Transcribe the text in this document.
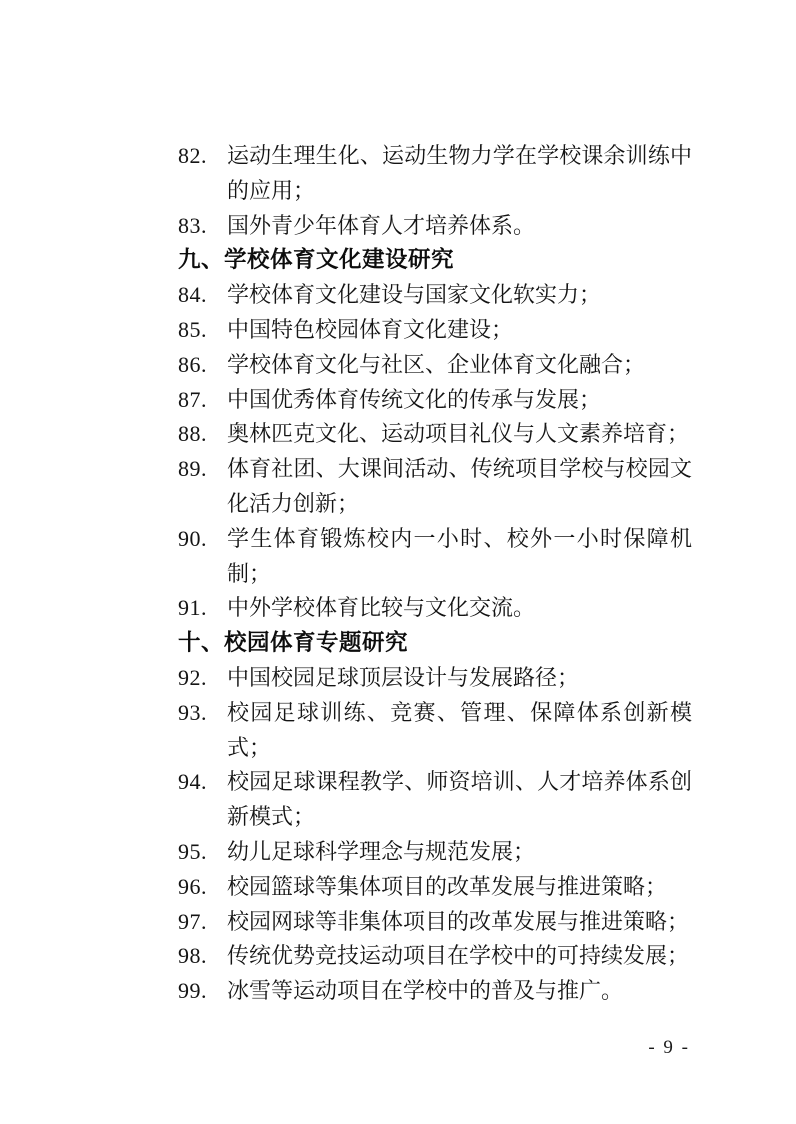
82. 运动生理生化、运动生物力学在学校课余训练中的应用；
83. 国外青少年体育人才培养体系。
九、学校体育文化建设研究
84. 学校体育文化建设与国家文化软实力；
85. 中国特色校园体育文化建设；
86. 学校体育文化与社区、企业体育文化融合；
87. 中国优秀体育传统文化的传承与发展；
88. 奥林匹克文化、运动项目礼仪与人文素养培育；
89. 体育社团、大课间活动、传统项目学校与校园文化活力创新；
90. 学生体育锻炼校内一小时、校外一小时保障机制；
91. 中外学校体育比较与文化交流。
十、校园体育专题研究
92. 中国校园足球顶层设计与发展路径；
93. 校园足球训练、竞赛、管理、保障体系创新模式；
94. 校园足球课程教学、师资培训、人才培养体系创新模式；
95. 幼儿足球科学理念与规范发展；
96. 校园篮球等集体项目的改革发展与推进策略；
97. 校园网球等非集体项目的改革发展与推进策略；
98. 传统优势竞技运动项目在学校中的可持续发展；
99. 冰雪等运动项目在学校中的普及与推广。
- 9 -
